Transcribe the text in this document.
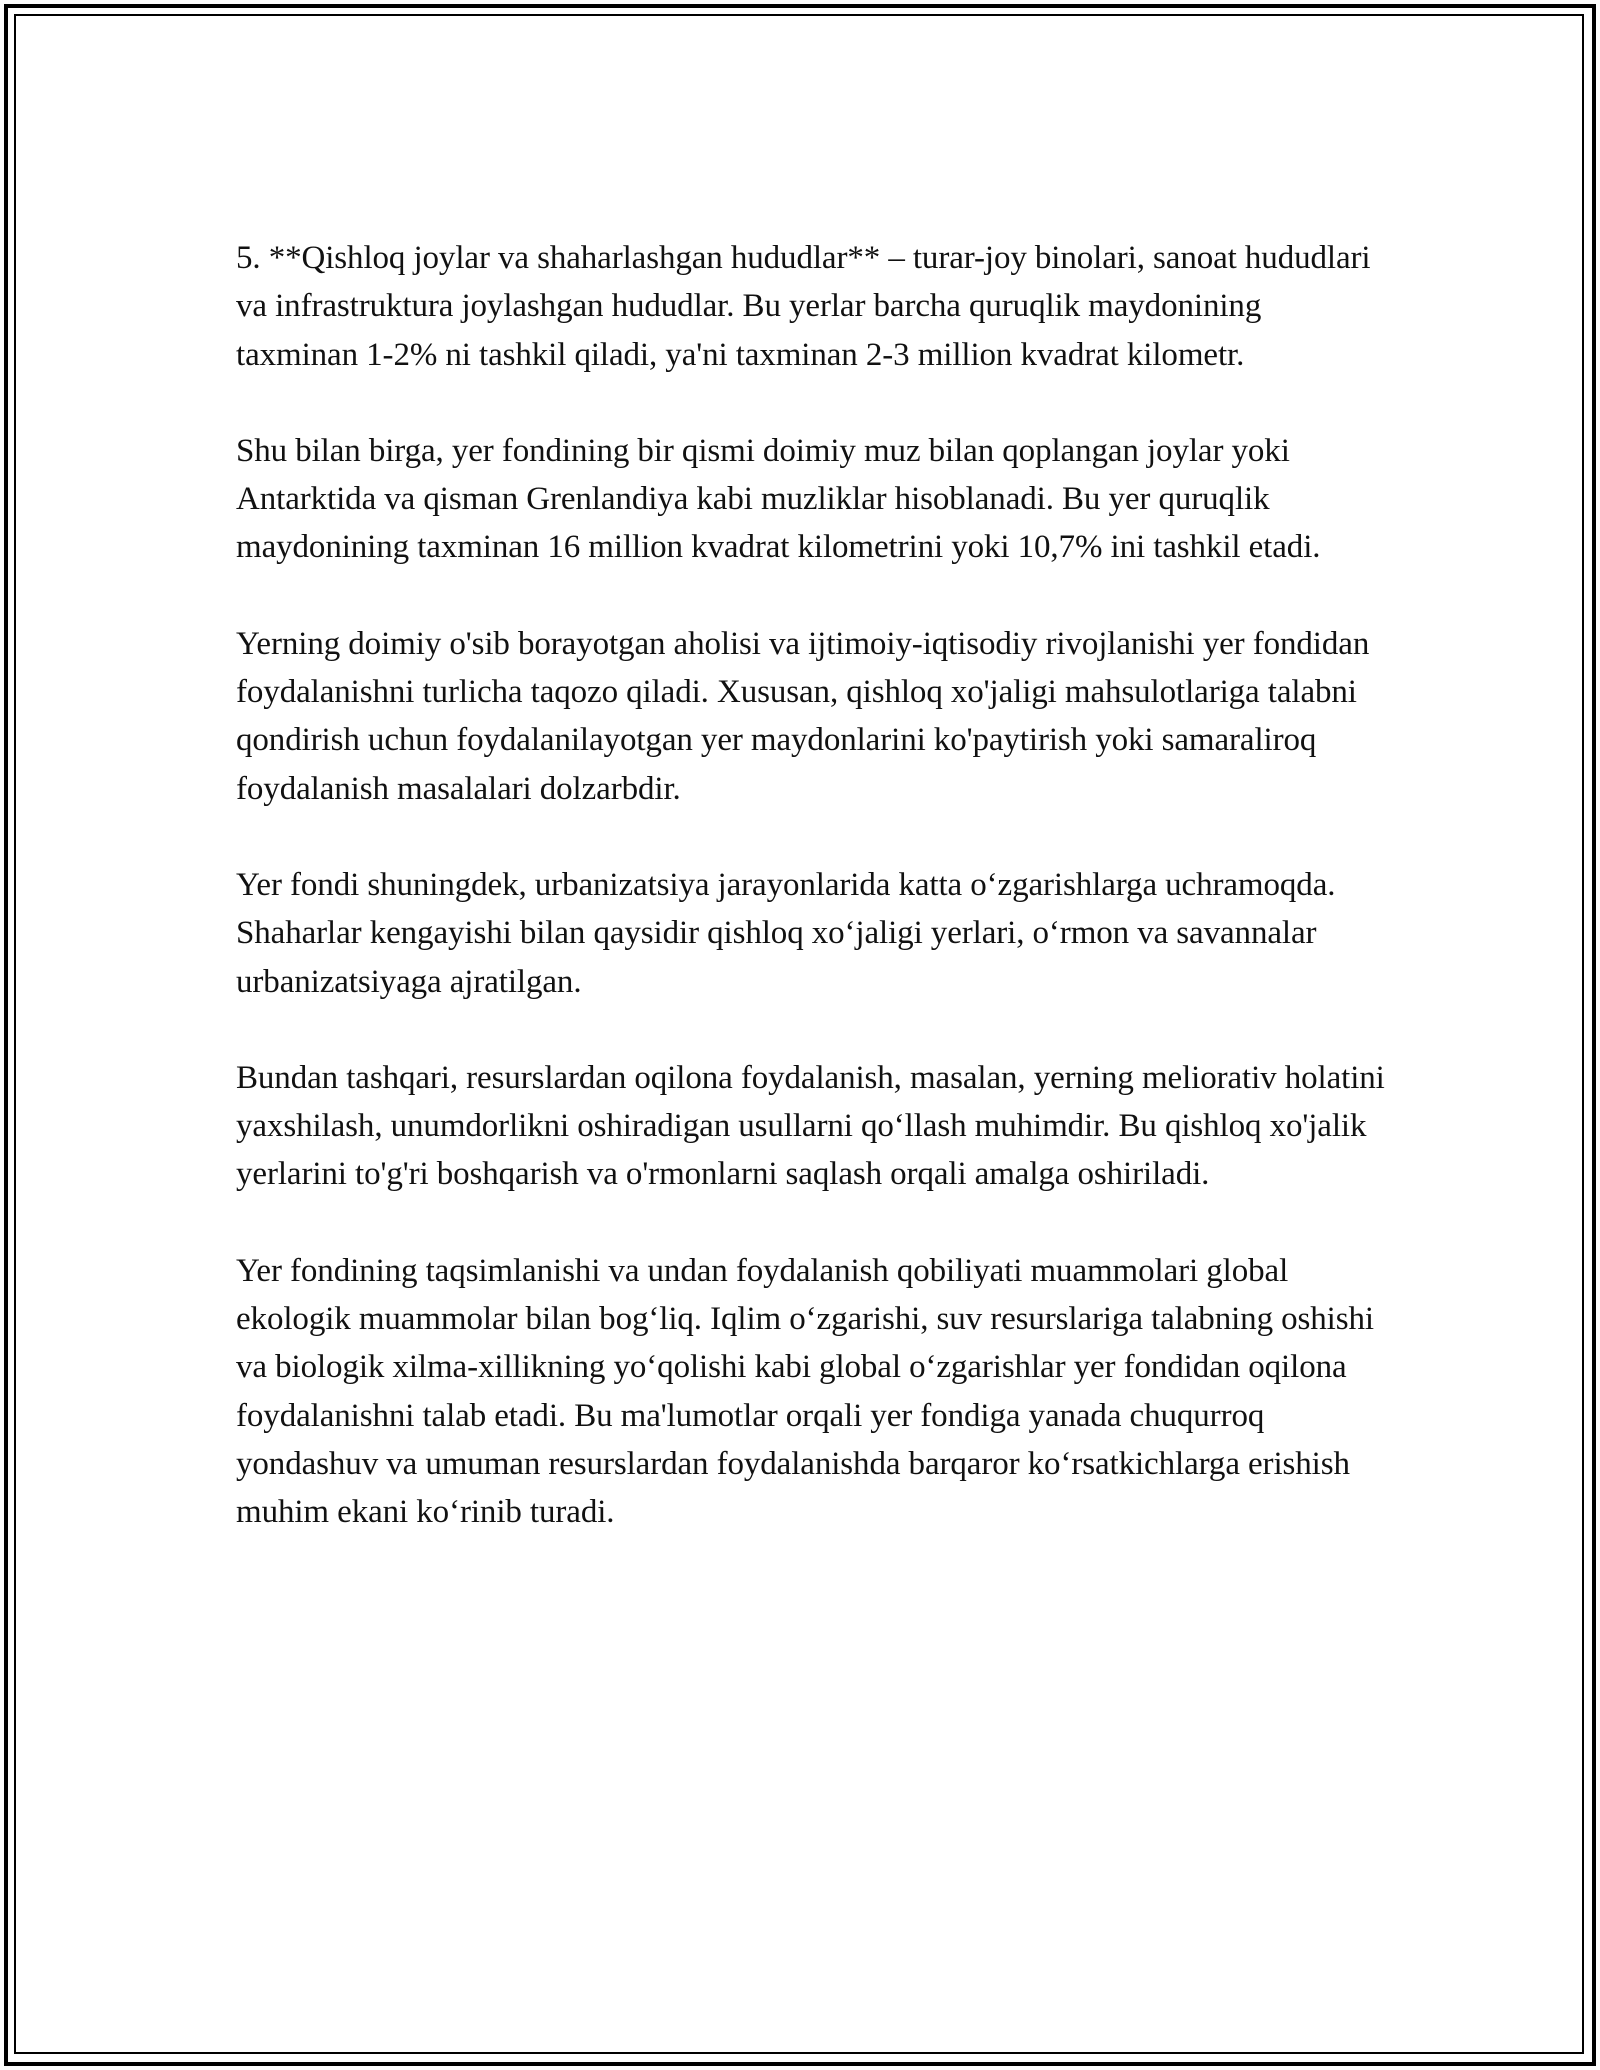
5. **Qishloq joylar va shaharlashgan hududlar** – turar-joy binolari, sanoat hududlari va infrastruktura joylashgan hududlar. Bu yerlar barcha quruqlik maydonining taxminan 1-2% ni tashkil qiladi, ya'ni taxminan 2-3 million kvadrat kilometr.

Shu bilan birga, yer fondining bir qismi doimiy muz bilan qoplangan joylar yoki Antarktida va qisman Grenlandiya kabi muzliklar hisoblanadi. Bu yer quruqlik maydonining taxminan 16 million kvadrat kilometrini yoki 10,7% ini tashkil etadi.

Yerning doimiy o'sib borayotgan aholisi va ijtimoiy-iqtisodiy rivojlanishi yer fondidan foydalanishni turlicha taqozo qiladi. Xususan, qishloq xo'jaligi mahsulotlariga talabni qondirish uchun foydalanilayotgan yer maydonlarini ko'paytirish yoki samaraliroq foydalanish masalalari dolzarbdir.

Yer fondi shuningdek, urbanizatsiya jarayonlarida katta o‘zgarishlarga uchramoqda. Shaharlar kengayishi bilan qaysidir qishloq xo‘jaligi yerlari, o‘rmon va savannalar urbanizatsiyaga ajratilgan.

Bundan tashqari, resurslardan oqilona foydalanish, masalan, yerning meliorativ holatini yaxshilash, unumdorlikni oshiradigan usullarni qo‘llash muhimdir. Bu qishloq xo'jalik yerlarini to'g'ri boshqarish va o'rmonlarni saqlash orqali amalga oshiriladi.

Yer fondining taqsimlanishi va undan foydalanish qobiliyati muammolari global ekologik muammolar bilan bog‘liq. Iqlim o‘zgarishi, suv resurslariga talabning oshishi va biologik xilma-xillikning yo‘qolishi kabi global o‘zgarishlar yer fondidan oqilona foydalanishni talab etadi. Bu ma'lumotlar orqali yer fondiga yanada chuqurroq yondashuv va umuman resurslardan foydalanishda barqaror ko‘rsatkichlarga erishish muhim ekani ko‘rinib turadi.
